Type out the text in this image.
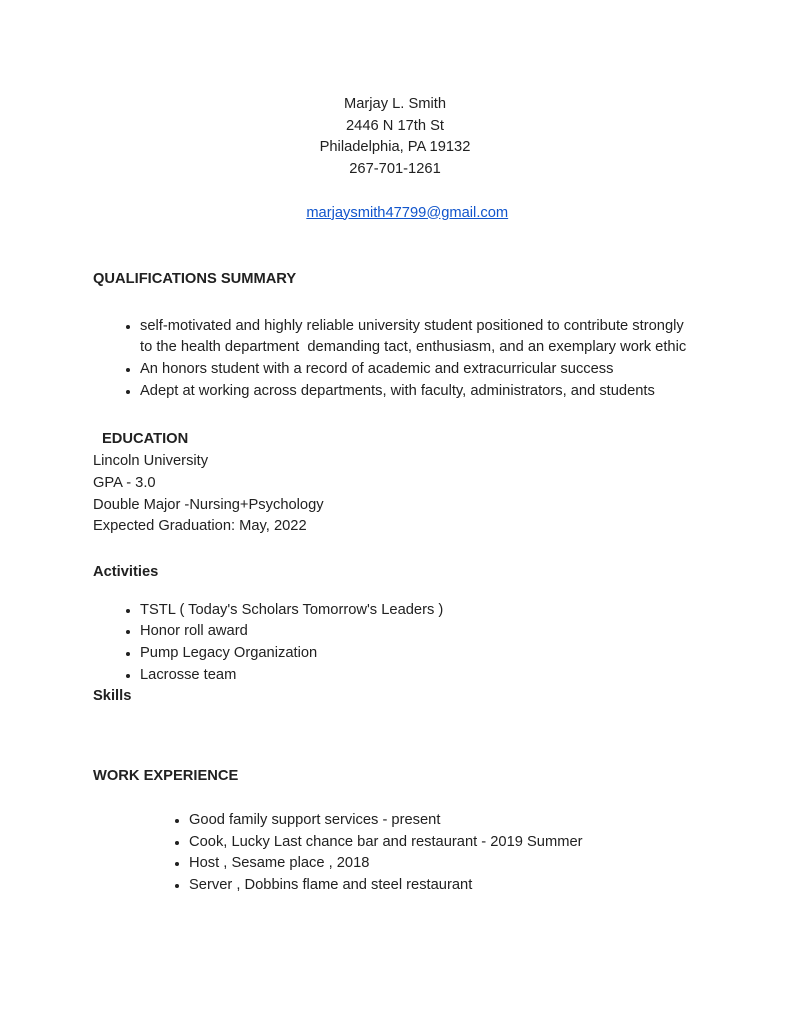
Marjay L. Smith
2446 N 17th St
Philadelphia, PA 19132
267-701-1261

marjaysmith47799@gmail.com

QUALIFICATIONS SUMMARY
• self-motivated and highly reliable university student positioned to contribute strongly to the health department  demanding tact, enthusiasm, and an exemplary work ethic
• An honors student with a record of academic and extracurricular success
• Adept at working across departments, with faculty, administrators, and students
EDUCATION
Lincoln University
GPA - 3.0
Double Major -Nursing+Psychology
Expected Graduation: May, 2022
Activities
• TSTL ( Today's Scholars Tomorrow's Leaders )
• Honor roll award
• Pump Legacy Organization
• Lacrosse team
Skills
WORK EXPERIENCE
• Good family support services - present
• Cook, Lucky Last chance bar and restaurant - 2019 Summer
• Host , Sesame place , 2018
• Server , Dobbins flame and steel restaurant
